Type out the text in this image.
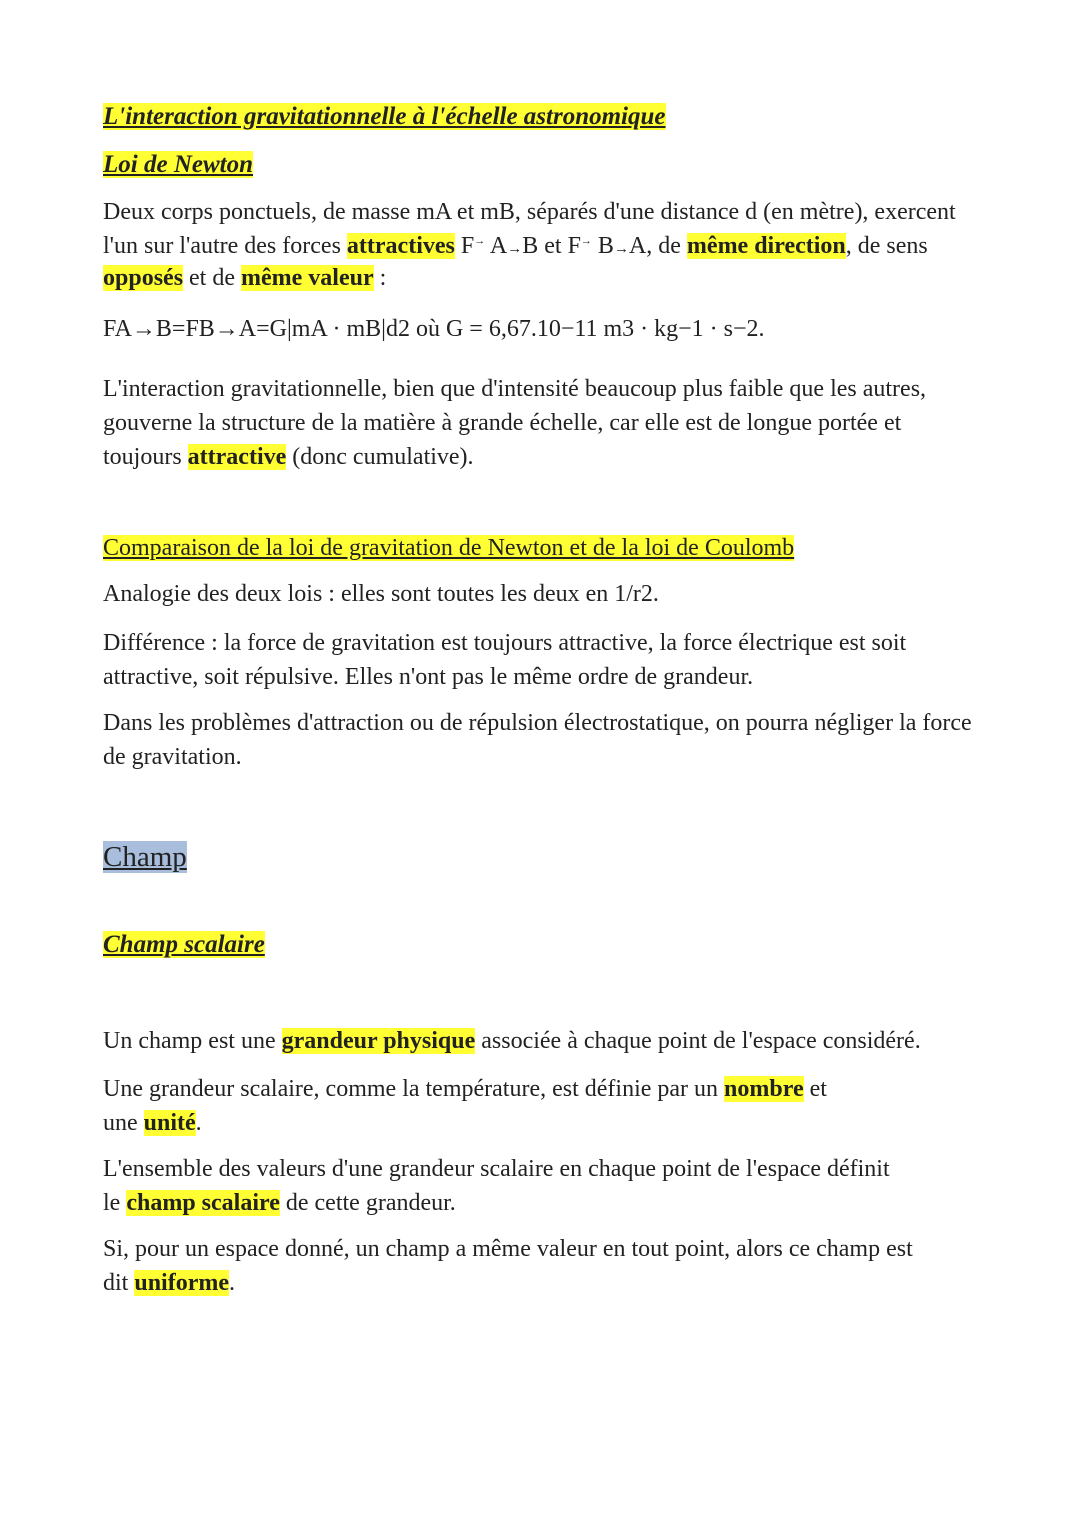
L'interaction gravitationnelle à l'échelle astronomique
Loi de Newton

Deux corps ponctuels, de masse mA et mB, séparés d'une distance d (en mètre), exercent l'un sur l'autre des forces attractives F→ A→B et F→ B→A, de même direction, de sens opposés et de même valeur :

FA→B=FB→A=G|mA · mB|d2 où G = 6,67.10−11 m3 · kg−1 · s−2.

L'interaction gravitationnelle, bien que d'intensité beaucoup plus faible que les autres, gouverne la structure de la matière à grande échelle, car elle est de longue portée et toujours attractive (donc cumulative).

Comparaison de la loi de gravitation de Newton et de la loi de Coulomb

Analogie des deux lois : elles sont toutes les deux en 1/r2.

Différence : la force de gravitation est toujours attractive, la force électrique est soit attractive, soit répulsive. Elles n'ont pas le même ordre de grandeur.

Dans les problèmes d'attraction ou de répulsion électrostatique, on pourra négliger la force de gravitation.

Champ
Champ scalaire

Un champ est une grandeur physique associée à chaque point de l'espace considéré.

Une grandeur scalaire, comme la température, est définie par un nombre et
une unité.

L'ensemble des valeurs d'une grandeur scalaire en chaque point de l'espace définit
le champ scalaire de cette grandeur.

Si, pour un espace donné, un champ a même valeur en tout point, alors ce champ est
dit uniforme.
